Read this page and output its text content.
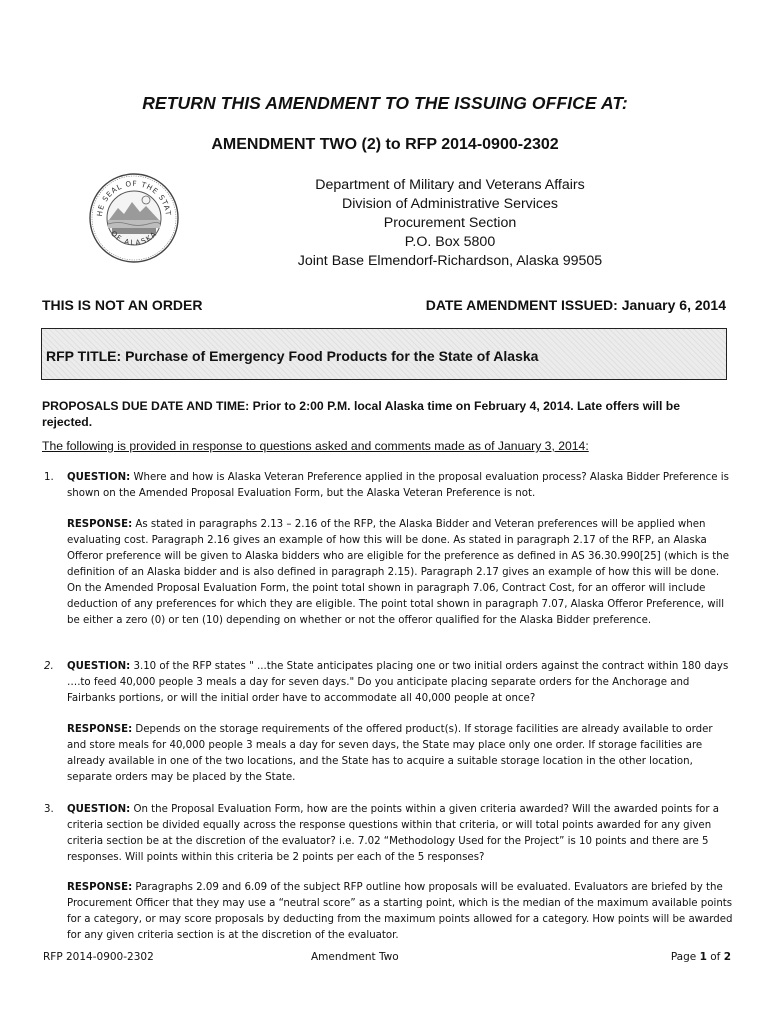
RETURN THIS AMENDMENT TO THE ISSUING OFFICE AT:
AMENDMENT TWO (2) to RFP 2014-0900-2302
HE SEAL OF THE STAT
OF ALASKA
Department of Military and Veterans Affairs
Division of Administrative Services
Procurement Section
P.O. Box 5800
Joint Base Elmendorf-Richardson, Alaska 99505
THIS IS NOT AN ORDER	DATE AMENDMENT ISSUED: January 6, 2014
RFP TITLE: Purchase of Emergency Food Products for the State of Alaska
PROPOSALS DUE DATE AND TIME: Prior to 2:00 P.M. local Alaska time on February 4, 2014. Late offers will be rejected.
The following is provided in response to questions asked and comments made as of January 3, 2014:
1.	QUESTION: Where and how is Alaska Veteran Preference applied in the proposal evaluation process? Alaska Bidder Preference is shown on the Amended Proposal Evaluation Form, but the Alaska Veteran Preference is not.
RESPONSE: As stated in paragraphs 2.13 – 2.16 of the RFP, the Alaska Bidder and Veteran preferences will be applied when evaluating cost. Paragraph 2.16 gives an example of how this will be done. As stated in paragraph 2.17 of the RFP, an Alaska Offeror preference will be given to Alaska bidders who are eligible for the preference as defined in AS 36.30.990[25] (which is the definition of an Alaska bidder and is also defined in paragraph 2.15). Paragraph 2.17 gives an example of how this will be done. On the Amended Proposal Evaluation Form, the point total shown in paragraph 7.06, Contract Cost, for an offeror will include deduction of any preferences for which they are eligible. The point total shown in paragraph 7.07, Alaska Offeror Preference, will be either a zero (0) or ten (10) depending on whether or not the offeror qualified for the Alaska Bidder preference.
2.	QUESTION: 3.10 of the RFP states " ...the State anticipates placing one or two initial orders against the contract within 180 days ….to feed 40,000 people 3 meals a day for seven days." Do you anticipate placing separate orders for the Anchorage and Fairbanks portions, or will the initial order have to accommodate all 40,000 people at once?
RESPONSE: Depends on the storage requirements of the offered product(s). If storage facilities are already available to order and store meals for 40,000 people 3 meals a day for seven days, the State may place only one order. If storage facilities are already available in one of the two locations, and the State has to acquire a suitable storage location in the other location, separate orders may be placed by the State.
3.	QUESTION: On the Proposal Evaluation Form, how are the points within a given criteria awarded? Will the awarded points for a criteria section be divided equally across the response questions within that criteria, or will total points awarded for any given criteria section be at the discretion of the evaluator? i.e. 7.02 “Methodology Used for the Project” is 10 points and there are 5 responses. Will points within this criteria be 2 points per each of the 5 responses?
RESPONSE: Paragraphs 2.09 and 6.09 of the subject RFP outline how proposals will be evaluated. Evaluators are briefed by the Procurement Officer that they may use a “neutral score” as a starting point, which is the median of the maximum available points for a category, or may score proposals by deducting from the maximum points allowed for a category. How points will be awarded for any given criteria section is at the discretion of the evaluator.
RFP 2014-0900-2302	Amendment Two	Page 1 of 2
